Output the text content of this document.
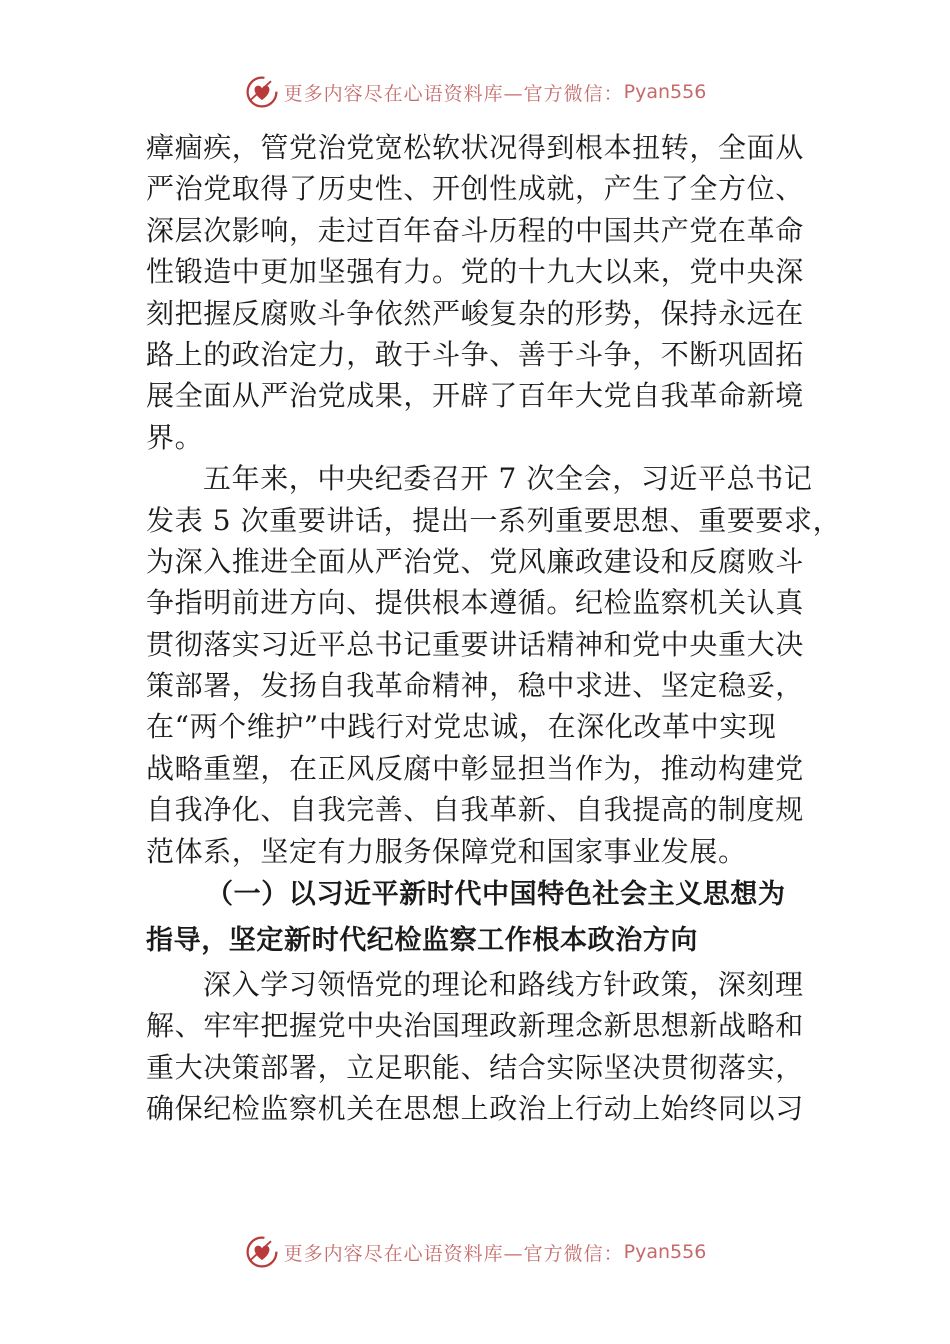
更多内容尽在心语资料库—官方微信： Pyan556
瘴痼疾，管党治党宽松软状况得到根本扭转，全面从
严治党取得了历史性、开创性成就，产生了全方位、
深层次影响，走过百年奋斗历程的中国共产党在革命
性锻造中更加坚强有力。党的十九大以来，党中央深
刻把握反腐败斗争依然严峻复杂的形势，保持永远在
路上的政治定力，敢于斗争、善于斗争，不断巩固拓
展全面从严治党成果，开辟了百年大党自我革命新境
界。
五年来，中央纪委召开 7 次全会，习近平总书记
发表 5 次重要讲话，提出一系列重要思想、重要要求，
为深入推进全面从严治党、党风廉政建设和反腐败斗
争指明前进方向、提供根本遵循。纪检监察机关认真
贯彻落实习近平总书记重要讲话精神和党中央重大决
策部署，发扬自我革命精神，稳中求进、坚定稳妥，
在“两个维护”中践行对党忠诚，在深化改革中实现
战略重塑，在正风反腐中彰显担当作为，推动构建党
自我净化、自我完善、自我革新、自我提高的制度规
范体系，坚定有力服务保障党和国家事业发展。
（一）以习近平新时代中国特色社会主义思想为
指导，坚定新时代纪检监察工作根本政治方向
深入学习领悟党的理论和路线方针政策，深刻理
解、牢牢把握党中央治国理政新理念新思想新战略和
重大决策部署，立足职能、结合实际坚决贯彻落实，
确保纪检监察机关在思想上政治上行动上始终同以习
更多内容尽在心语资料库—官方微信： Pyan556
